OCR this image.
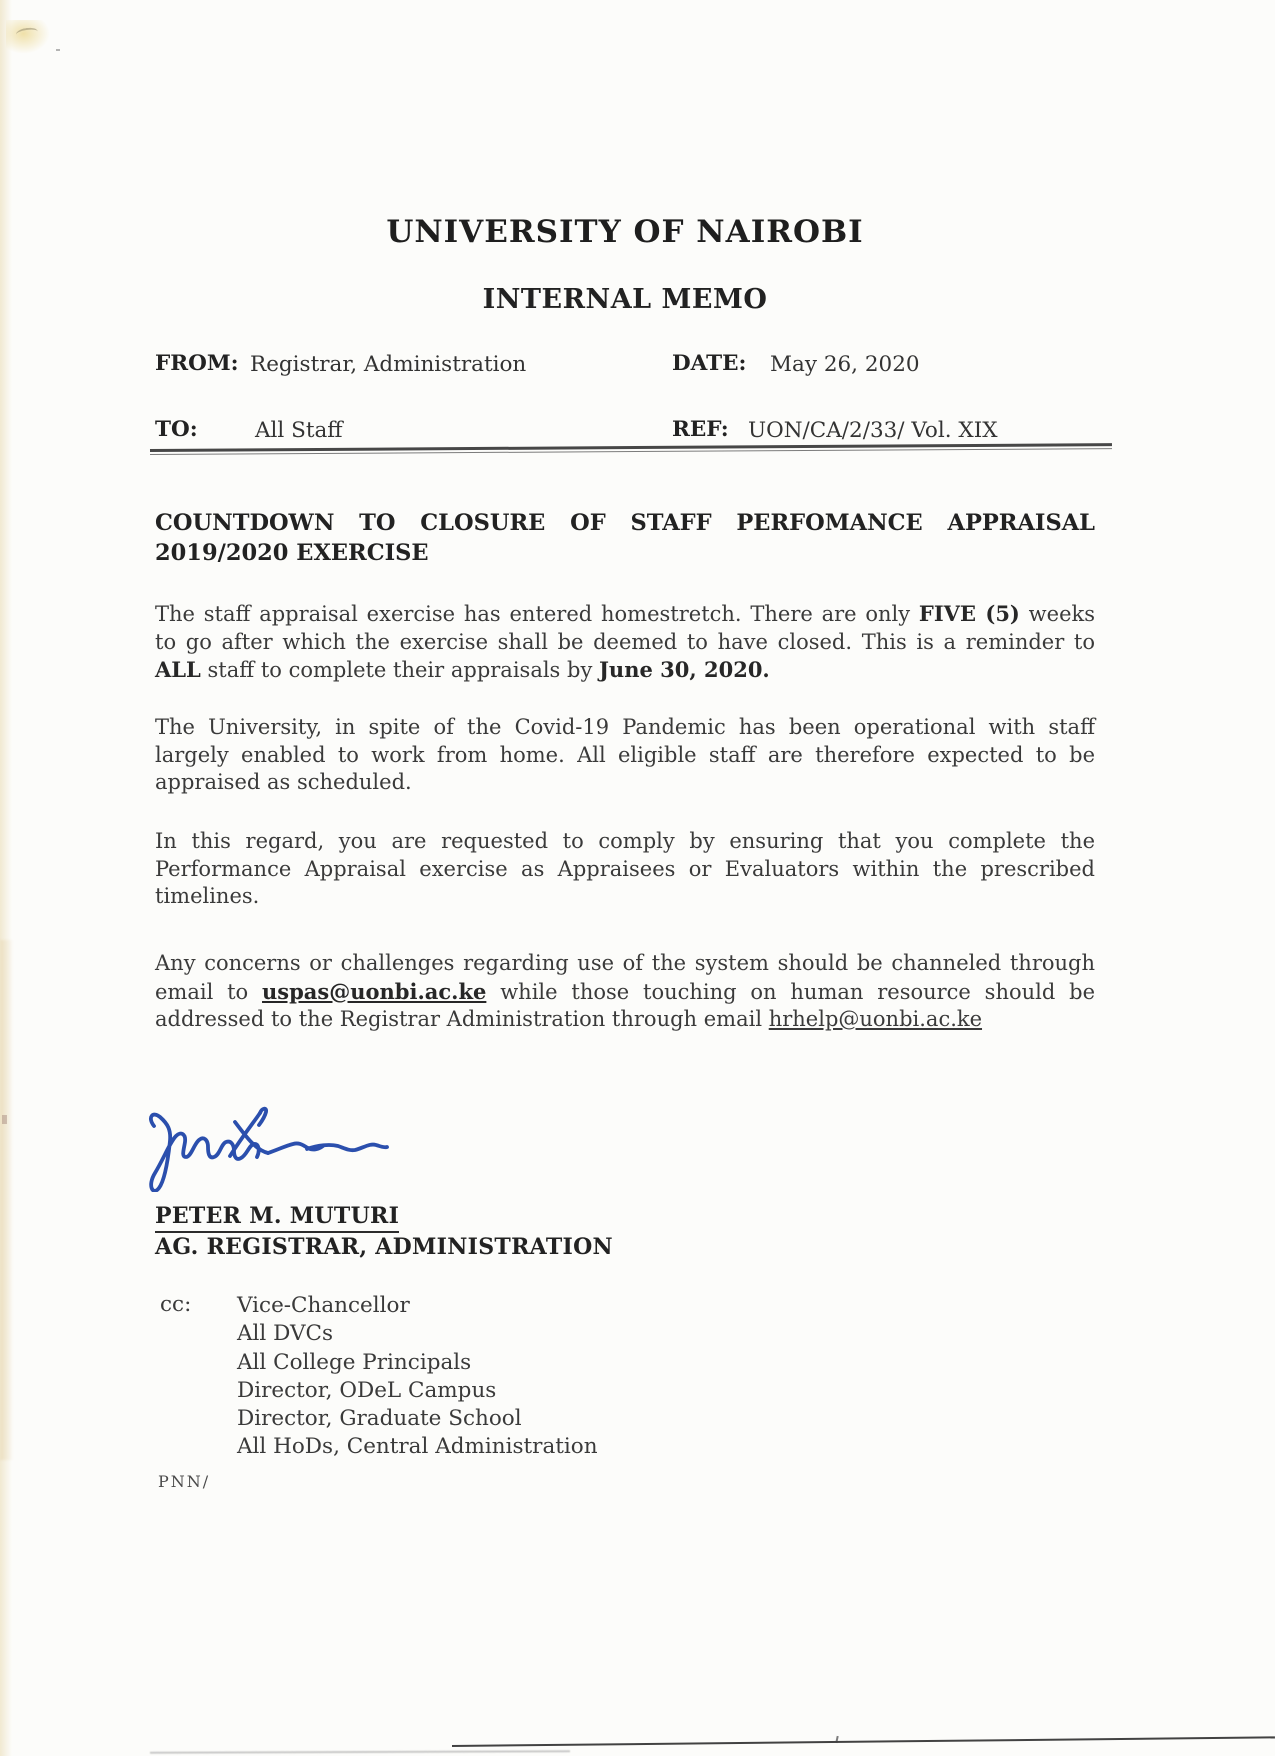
UNIVERSITY OF NAIROBI
INTERNAL MEMO
FROM: Registrar, Administration	DATE: May 26, 2020
TO:	All Staff	REF: UON/CA/2/33/ Vol. XIX
COUNTDOWN TO CLOSURE OF STAFF PERFOMANCE APPRAISAL
2019/2020 EXERCISE
The staff appraisal exercise has entered homestretch. There are only FIVE (5) weeks to go after which the exercise shall be deemed to have closed. This is a reminder to ALL staff to complete their appraisals by June 30, 2020.
The University, in spite of the Covid-19 Pandemic has been operational with staff largely enabled to work from home. All eligible staff are therefore expected to be appraised as scheduled.
In this regard, you are requested to comply by ensuring that you complete the Performance Appraisal exercise as Appraisees or Evaluators within the prescribed timelines.
Any concerns or challenges regarding use of the system should be channeled through email to uspas@uonbi.ac.ke while those touching on human resource should be addressed to the Registrar Administration through email hrhelp@uonbi.ac.ke
PETER M. MUTURI
AG. REGISTRAR, ADMINISTRATION
cc: Vice-Chancellor
All DVCs
All College Principals
Director, ODeL Campus
Director, Graduate School
All HoDs, Central Administration
PNN/
